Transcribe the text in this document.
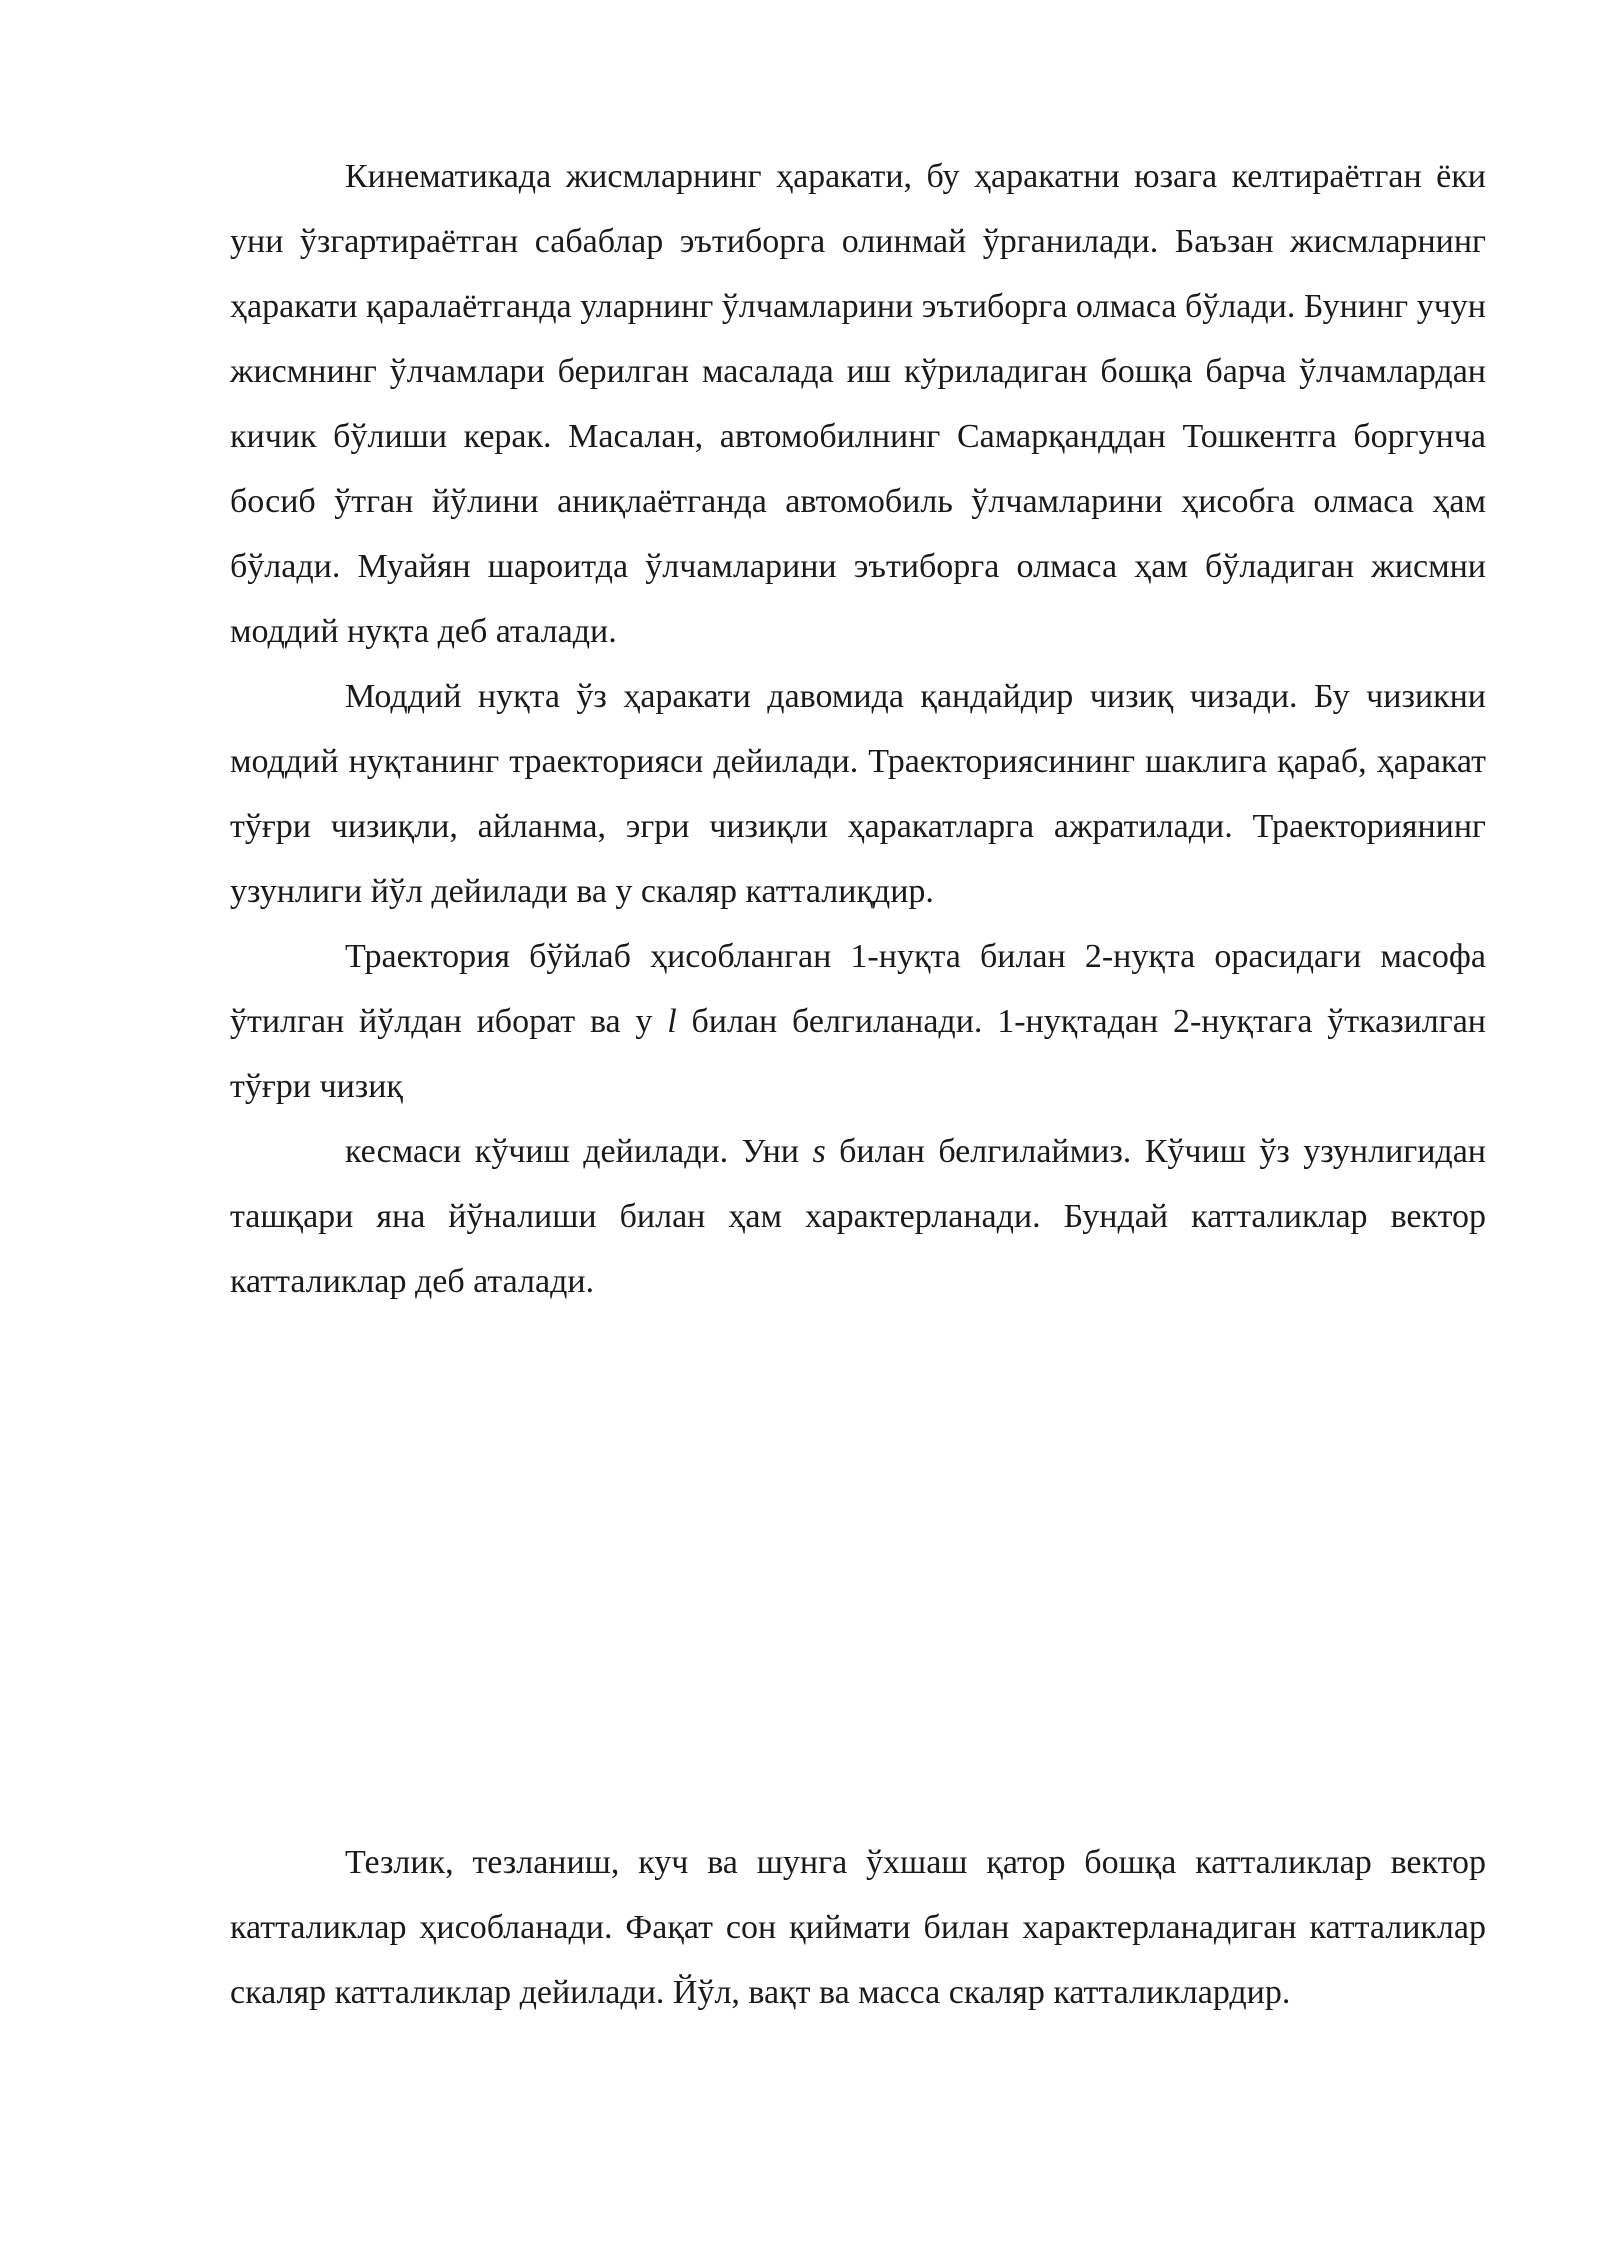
Кинематикада жисмларнинг ҳаракати, бу ҳаракатни юзага келтираётган ёки уни ўзгартираётган сабаблар эътиборга олинмай ўрганилади. Баъзан жисмларнинг ҳаракати қаралаётганда уларнинг ўлчамларини эътиборга олмаса бўлади. Бунинг учун жисмнинг ўлчамлари берилган масалада иш кўриладиган бошқа барча ўлчамлардан кичик бўлиши керак. Масалан, автомобилнинг Самарқанддан Тошкентга боргунча босиб ўтган йўлини аниқлаётганда автомобиль ўлчамларини ҳисобга олмаса ҳам бўлади. Муайян шароитда ўлчамларини эътиборга олмаса ҳам бўладиган жисмни моддий нуқта деб аталади.

Моддий нуқта ўз ҳаракати давомида қандайдир чизиқ чизади. Бу чизикни моддий нуқтанинг траекторияси дейилади. Траекториясининг шаклига қараб, ҳаракат тўғри чизиқли, айланма, эгри чизиқли ҳаракатларга ажратилади. Траекториянинг узунлиги йўл дейилади ва у скаляр катталиқдир.

Траектория бўйлаб ҳисобланган 1-нуқта билан 2-нуқта орасидаги масофа ўтилган йўлдан иборат ва у l билан белгиланади. 1-нуқтадан 2-нуқтага ўтказилган тўғри чизиқ

кесмаси кўчиш дейилади. Уни s билан белгилаймиз. Кўчиш ўз узунлигидан ташқари яна йўналиши билан ҳам характерланади. Бундай катталиклар вектор катталиклар деб аталади.

Тезлик, тезланиш, куч ва шунга ўхшаш қатор бошқа катталиклар вектор катталиклар ҳисобланади. Фақат сон қиймати билан характерланадиган катталиклар скаляр катталиклар дейилади. Йўл, вақт ва масса скаляр катталиклардир.
